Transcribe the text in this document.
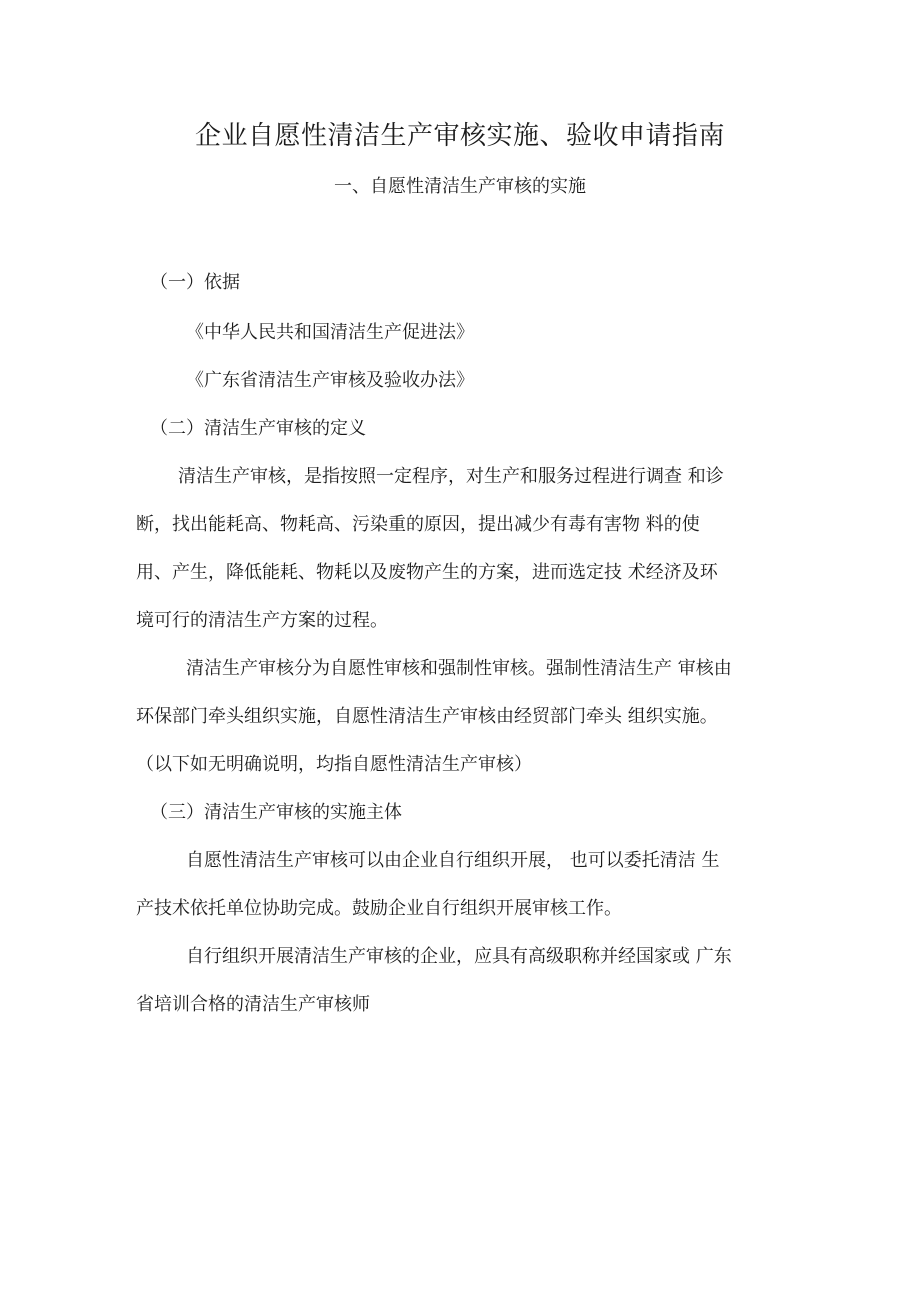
企业自愿性清洁生产审核实施、验收申请指南
一、自愿性清洁生产审核的实施
（一）依据
《中华人民共和国清洁生产促进法》
《广东省清洁生产审核及验收办法》
（二）清洁生产审核的定义
清洁生产审核，是指按照一定程序，对生产和服务过程进行调查 和诊
断，找出能耗高、物耗高、污染重的原因，提出减少有毒有害物 料的使
用、产生，降低能耗、物耗以及废物产生的方案，进而选定技 术经济及环
境可行的清洁生产方案的过程。
清洁生产审核分为自愿性审核和强制性审核。强制性清洁生产 审核由
环保部门牵头组织实施，自愿性清洁生产审核由经贸部门牵头 组织实施。
（以下如无明确说明，均指自愿性清洁生产审核）
（三）清洁生产审核的实施主体
自愿性清洁生产审核可以由企业自行组织开展， 也可以委托清洁 生
产技术依托单位协助完成。鼓励企业自行组织开展审核工作。
自行组织开展清洁生产审核的企业，应具有高级职称并经国家或 广东
省培训合格的清洁生产审核师
